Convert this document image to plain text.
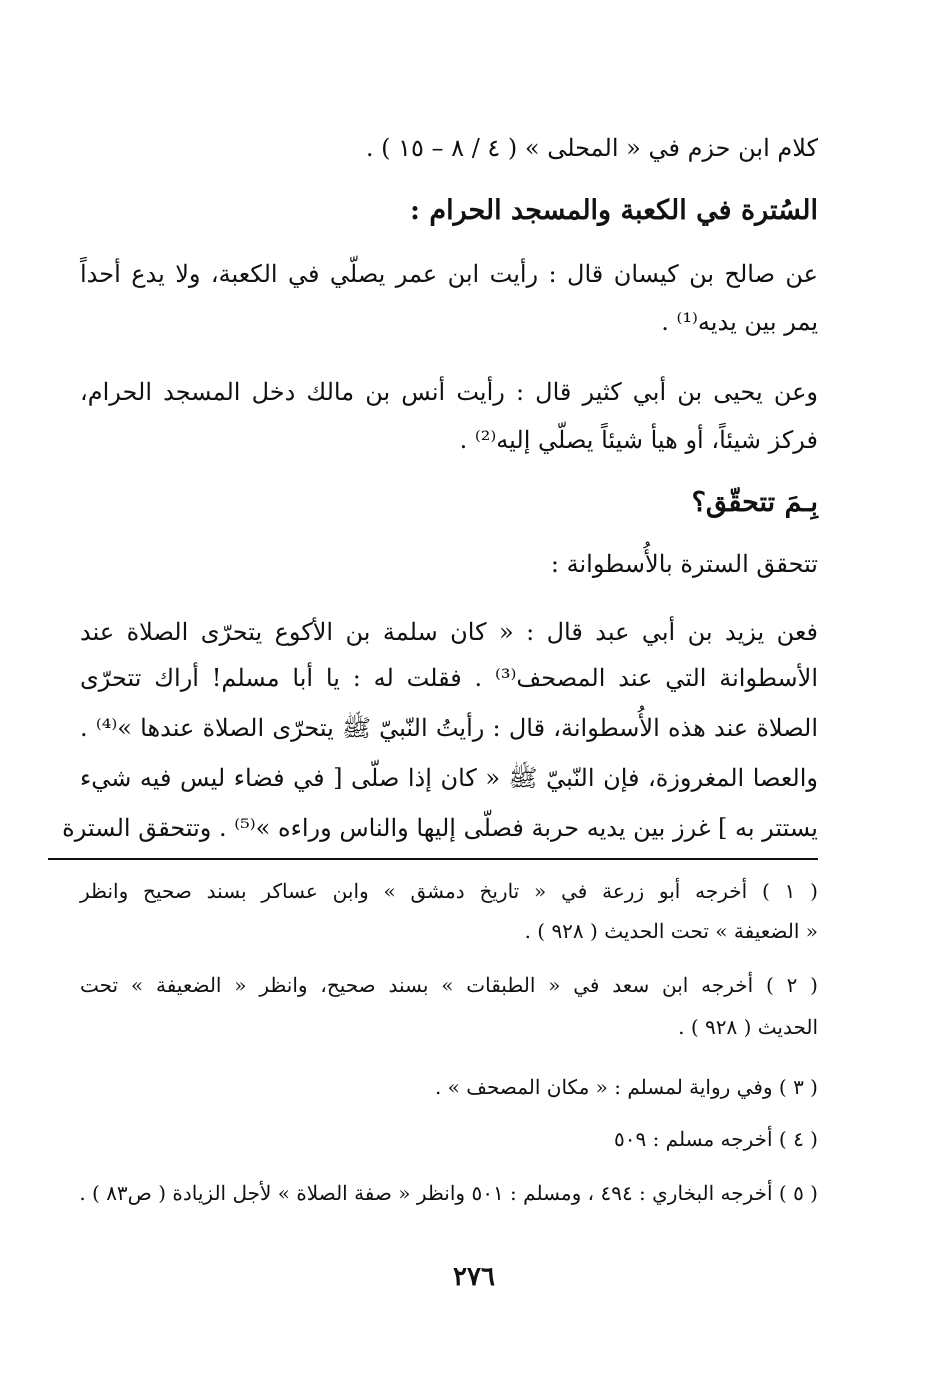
كلام ابن حزم في « المحلى » ( ٤ / ٨ – ١٥ ) .
السُترة في الكعبة والمسجد الحرام :
عن صالح بن كيسان قال : رأيت ابن عمر يصلّي في الكعبة، ولا يدع أحداً
يمر بين يديه⁽¹⁾ .
وعن يحيى بن أبي كثير قال : رأيت أنس بن مالك دخل المسجد الحرام،
فركز شيئاً، أو هيأ شيئاً يصلّي إليه⁽²⁾ .
بِـمَ تتحقّق؟
تتحقق السترة بالأُسطوانة :
فعن يزيد بن أبي عبد قال : « كان سلمة بن الأكوع يتحرّى الصلاة عند
الأسطوانة التي عند المصحف⁽³⁾ . فقلت له : يا أبا مسلم! أراك تتحرّى
الصلاة عند هذه الأُسطوانة، قال : رأيتُ النّبيّ ﷺ يتحرّى الصلاة عندها »⁽⁴⁾ .
والعصا المغروزة، فإن النّبيّ ﷺ « كان إذا صلّى [ في فضاء ليس فيه شيء
يستتر به ] غرز بين يديه حربة فصلّى إليها والناس وراءه »⁽⁵⁾ . وتتحقق السترة
( ١ ) أخرجه أبو زرعة في « تاريخ دمشق » وابن عساكر بسند صحيح وانظر
« الضعيفة » تحت الحديث ( ٩٢٨ ) .
( ٢ ) أخرجه ابن سعد في « الطبقات » بسند صحيح، وانظر « الضعيفة » تحت
الحديث ( ٩٢٨ ) .
( ٣ ) وفي رواية لمسلم : « مكان المصحف » .
( ٤ ) أخرجه مسلم : ٥٠٩
( ٥ ) أخرجه البخاري : ٤٩٤ ، ومسلم : ٥٠١ وانظر « صفة الصلاة » لأجل الزيادة ( ص٨٣ ) .
٢٧٦
